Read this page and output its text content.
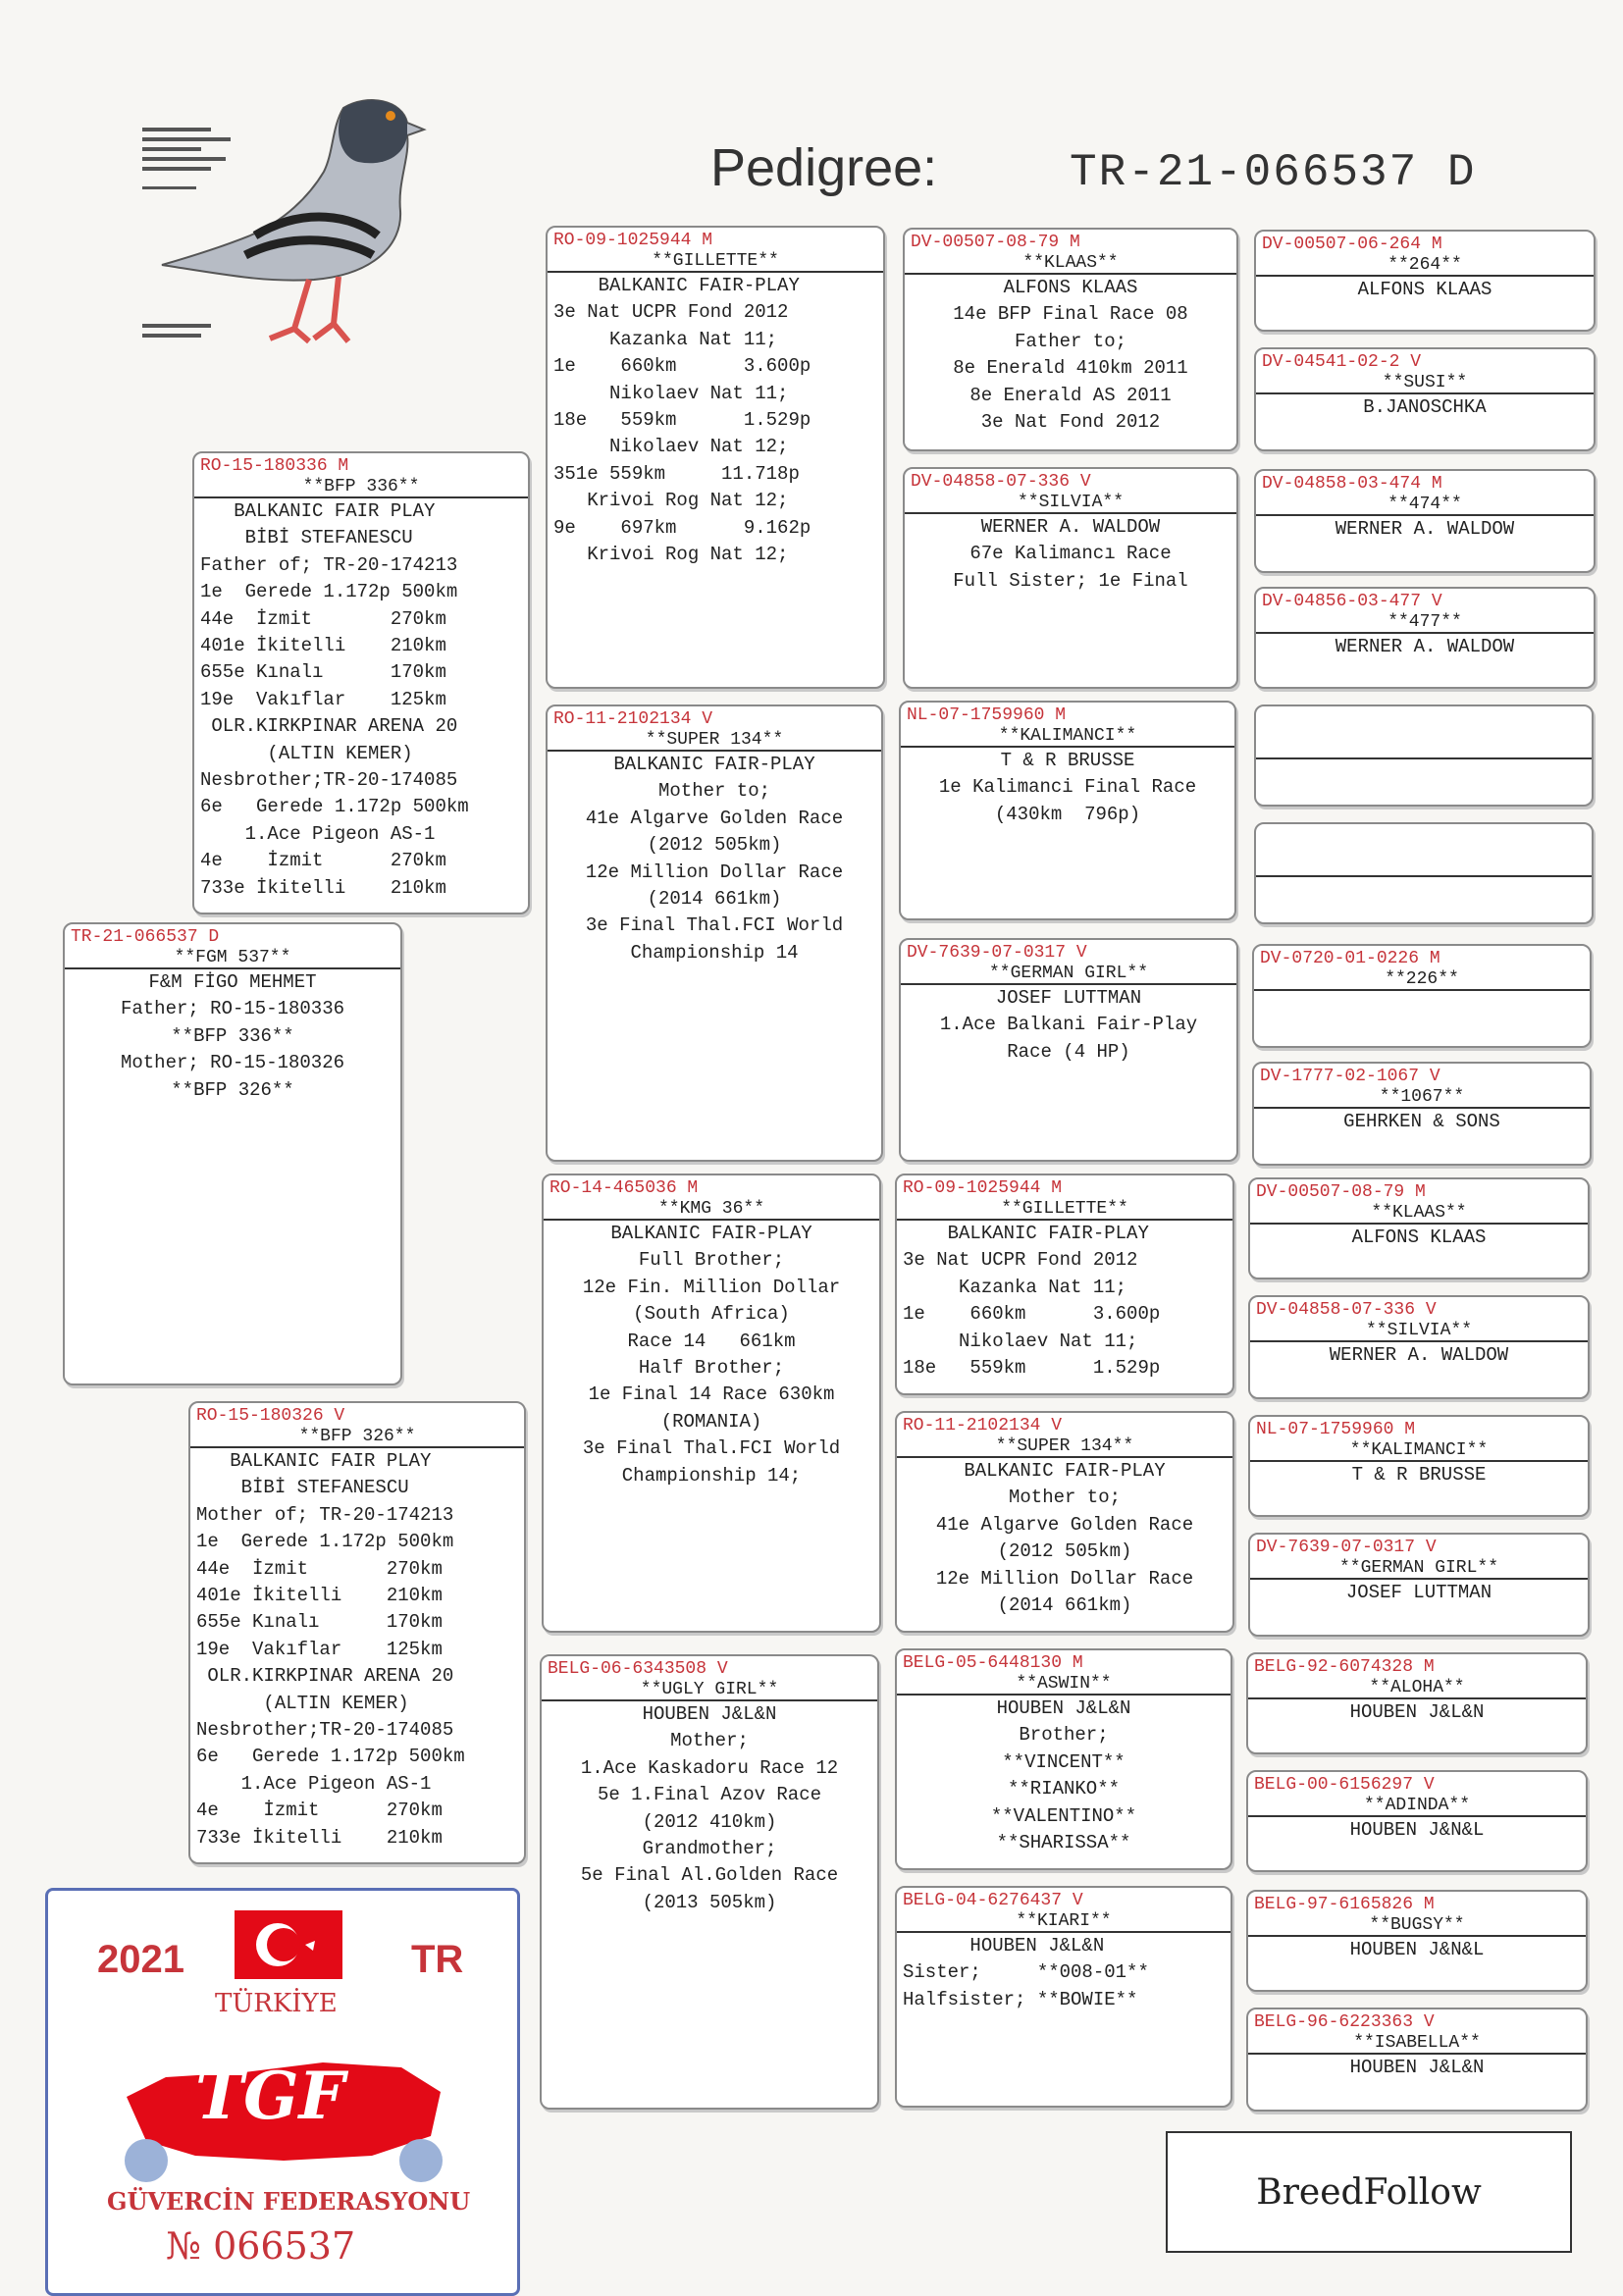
Pedigree:	TR-21-066537 D
TR-21-066537 D
**FGM 537**
F&M FİGO MEHMET
Father; RO-15-180336
**BFP 336**
Mother; RO-15-180326
**BFP 326**
RO-15-180336 M
**BFP 336**
BALKANIC FAIR PLAY
BİBİ STEFANESCU
Father of; TR-20-174213
1e  Gerede 1.172p 500km
44e  İzmit       270km
401e İkitelli    210km
655e Kınalı      170km
19e  Vakıflar    125km
OLR.KIRKPINAR ARENA 20
(ALTIN KEMER)
Nesbrother;TR-20-174085
6e   Gerede 1.172p 500km
1.Ace Pigeon AS-1
4e    İzmit      270km
733e İkitelli    210km
RO-15-180326 V
**BFP 326**
BALKANIC FAIR PLAY
BİBİ STEFANESCU
Mother of; TR-20-174213
1e  Gerede 1.172p 500km
44e  İzmit       270km
401e İkitelli    210km
655e Kınalı      170km
19e  Vakıflar    125km
OLR.KIRKPINAR ARENA 20
(ALTIN KEMER)
Nesbrother;TR-20-174085
6e   Gerede 1.172p 500km
1.Ace Pigeon AS-1
4e    İzmit      270km
733e İkitelli    210km
RO-09-1025944 M
**GILLETTE**
BALKANIC FAIR-PLAY
3e Nat UCPR Fond 2012
Kazanka Nat 11;
1e    660km      3.600p
Nikolaev Nat 11;
18e   559km      1.529p
Nikolaev Nat 12;
351e 559km     11.718p
Krivoi Rog Nat 12;
9e    697km      9.162p
Krivoi Rog Nat 12;
RO-11-2102134 V
**SUPER 134**
BALKANIC FAIR-PLAY
Mother to;
41e Algarve Golden Race
(2012 505km)
12e Million Dollar Race
(2014 661km)
3e Final Thal.FCI World
Championship 14
RO-14-465036 M
**KMG 36**
BALKANIC FAIR-PLAY
Full Brother;
12e Fin. Million Dollar
(South Africa)
Race 14   661km
Half Brother;
1e Final 14 Race 630km
(ROMANIA)
3e Final Thal.FCI World
Championship 14;
BELG-06-6343508 V
**UGLY GIRL**
HOUBEN J&L&N
Mother;
1.Ace Kaskadoru Race 12
5e 1.Final Azov Race
(2012 410km)
Grandmother;
5e Final Al.Golden Race
(2013 505km)
DV-00507-08-79 M
**KLAAS**
ALFONS KLAAS
14e BFP Final Race 08
Father to;
8e Enerald 410km 2011
8e Enerald AS 2011
3e Nat Fond 2012
DV-04858-07-336 V
**SILVIA**
WERNER A. WALDOW
67e Kalimancı Race
Full Sister; 1e Final
NL-07-1759960 M
**KALIMANCI**
T & R BRUSSE
1e Kalimanci Final Race
(430km  796p)
DV-7639-07-0317 V
**GERMAN GIRL**
JOSEF LUTTMAN
1.Ace Balkani Fair-Play
Race (4 HP)
RO-09-1025944 M
**GILLETTE**
BALKANIC FAIR-PLAY
3e Nat UCPR Fond 2012
Kazanka Nat 11;
1e    660km      3.600p
Nikolaev Nat 11;
18e   559km      1.529p
RO-11-2102134 V
**SUPER 134**
BALKANIC FAIR-PLAY
Mother to;
41e Algarve Golden Race
(2012 505km)
12e Million Dollar Race
(2014 661km)
BELG-05-6448130 M
**ASWIN**
HOUBEN J&L&N
Brother;
**VINCENT**
**RIANKO**
**VALENTINO**
**SHARISSA**
BELG-04-6276437 V
**KIARI**
HOUBEN J&L&N
Sister;     **008-01**
Halfsister; **BOWIE**
DV-00507-06-264 M
**264**
ALFONS KLAAS
DV-04541-02-2 V
**SUSI**
B.JANOSCHKA
DV-04858-03-474 M
**474**
WERNER A. WALDOW
DV-04856-03-477 V
**477**
WERNER A. WALDOW
DV-0720-01-0226 M
**226**
DV-1777-02-1067 V
**1067**
GEHRKEN & SONS
DV-00507-08-79 M
**KLAAS**
ALFONS KLAAS
DV-04858-07-336 V
**SILVIA**
WERNER A. WALDOW
NL-07-1759960 M
**KALIMANCI**
T & R BRUSSE
DV-7639-07-0317 V
**GERMAN GIRL**
JOSEF LUTTMAN
BELG-92-6074328 M
**ALOHA**
HOUBEN J&L&N
BELG-00-6156297 V
**ADINDA**
HOUBEN J&N&L
BELG-97-6165826 M
**BUGSY**
HOUBEN J&N&L
BELG-96-6223363 V
**ISABELLA**
HOUBEN J&L&N
2021	TR
TÜRKİYE
TGF
GÜVERCİN FEDERASYONU
№ 066537
BreedFollow
